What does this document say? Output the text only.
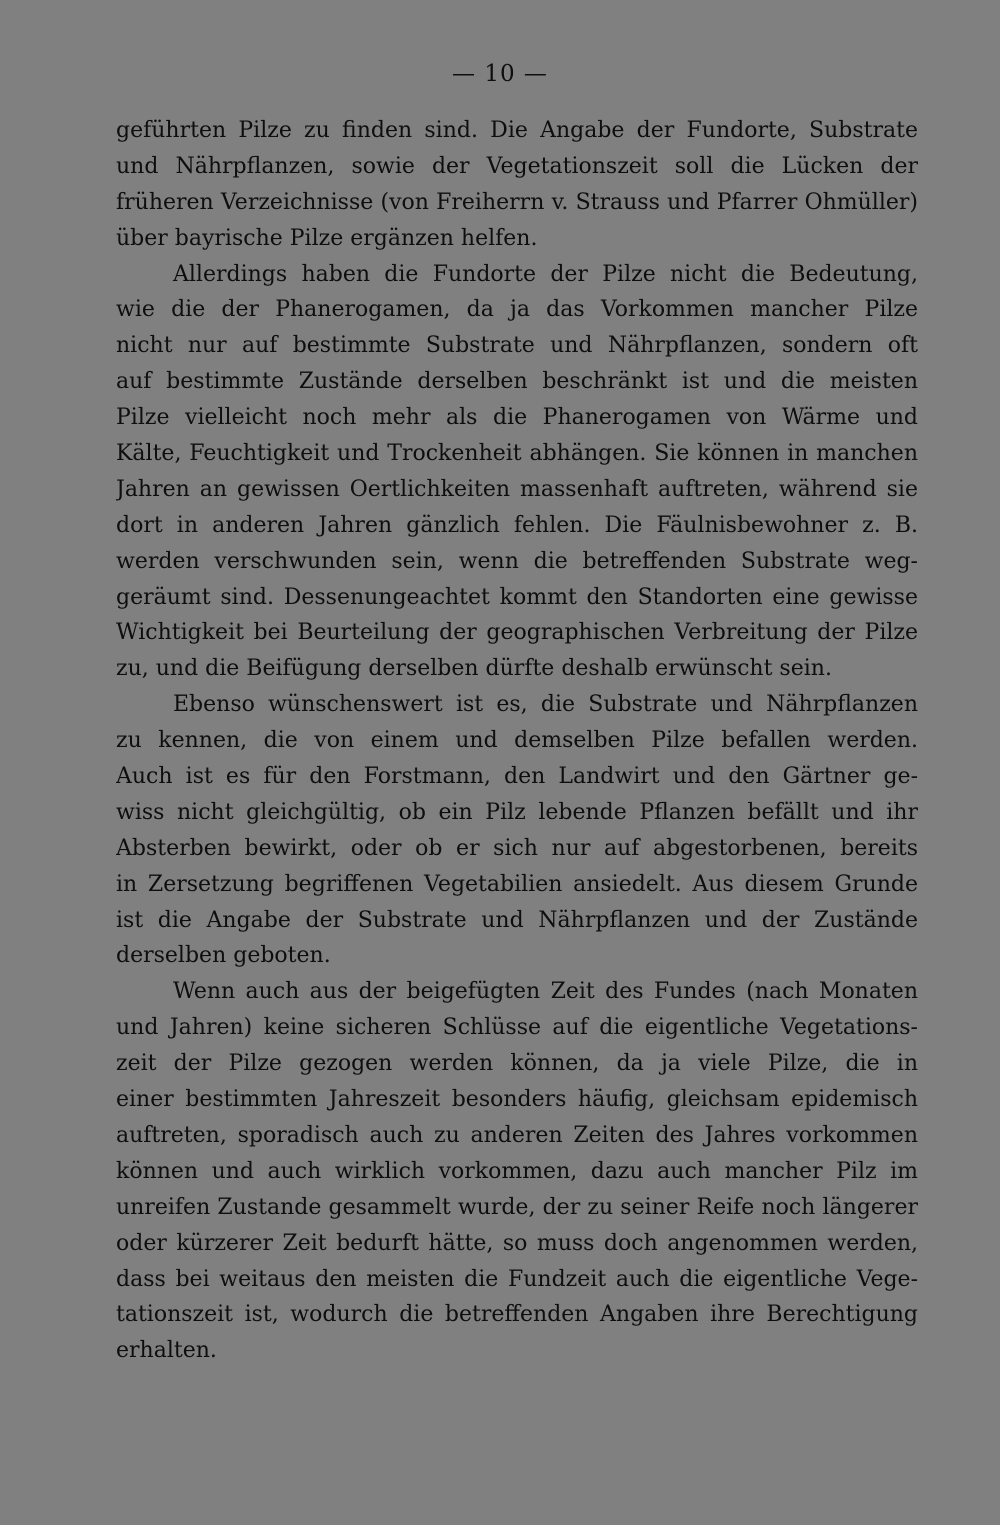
— 10 —
geführten Pilze zu finden sind. Die Angabe der Fundorte, Substrate
und Nährpflanzen, sowie der Vegetationszeit soll die Lücken der
früheren Verzeichnisse (von Freiherrn v. Strauss und Pfarrer Ohmüller)
über bayrische Pilze ergänzen helfen.
Allerdings haben die Fundorte der Pilze nicht die Bedeutung,
wie die der Phanerogamen, da ja das Vorkommen mancher Pilze
nicht nur auf bestimmte Substrate und Nährpflanzen, sondern oft
auf bestimmte Zustände derselben beschränkt ist und die meisten
Pilze vielleicht noch mehr als die Phanerogamen von Wärme und
Kälte, Feuchtigkeit und Trockenheit abhängen. Sie können in manchen
Jahren an gewissen Oertlichkeiten massenhaft auftreten, während sie
dort in anderen Jahren gänzlich fehlen. Die Fäulnisbewohner z. B.
werden verschwunden sein, wenn die betreffenden Substrate weg-
geräumt sind. Dessenungeachtet kommt den Standorten eine gewisse
Wichtigkeit bei Beurteilung der geographischen Verbreitung der Pilze
zu, und die Beifügung derselben dürfte deshalb erwünscht sein.
Ebenso wünschenswert ist es, die Substrate und Nährpflanzen
zu kennen, die von einem und demselben Pilze befallen werden.
Auch ist es für den Forstmann, den Landwirt und den Gärtner ge-
wiss nicht gleichgültig, ob ein Pilz lebende Pflanzen befällt und ihr
Absterben bewirkt, oder ob er sich nur auf abgestorbenen, bereits
in Zersetzung begriffenen Vegetabilien ansiedelt. Aus diesem Grunde
ist die Angabe der Substrate und Nährpflanzen und der Zustände
derselben geboten.
Wenn auch aus der beigefügten Zeit des Fundes (nach Monaten
und Jahren) keine sicheren Schlüsse auf die eigentliche Vegetations-
zeit der Pilze gezogen werden können, da ja viele Pilze, die in
einer bestimmten Jahreszeit besonders häufig, gleichsam epidemisch
auftreten, sporadisch auch zu anderen Zeiten des Jahres vorkommen
können und auch wirklich vorkommen, dazu auch mancher Pilz im
unreifen Zustande gesammelt wurde, der zu seiner Reife noch längerer
oder kürzerer Zeit bedurft hätte, so muss doch angenommen werden,
dass bei weitaus den meisten die Fundzeit auch die eigentliche Vege-
tationszeit ist, wodurch die betreffenden Angaben ihre Berechtigung
erhalten.
